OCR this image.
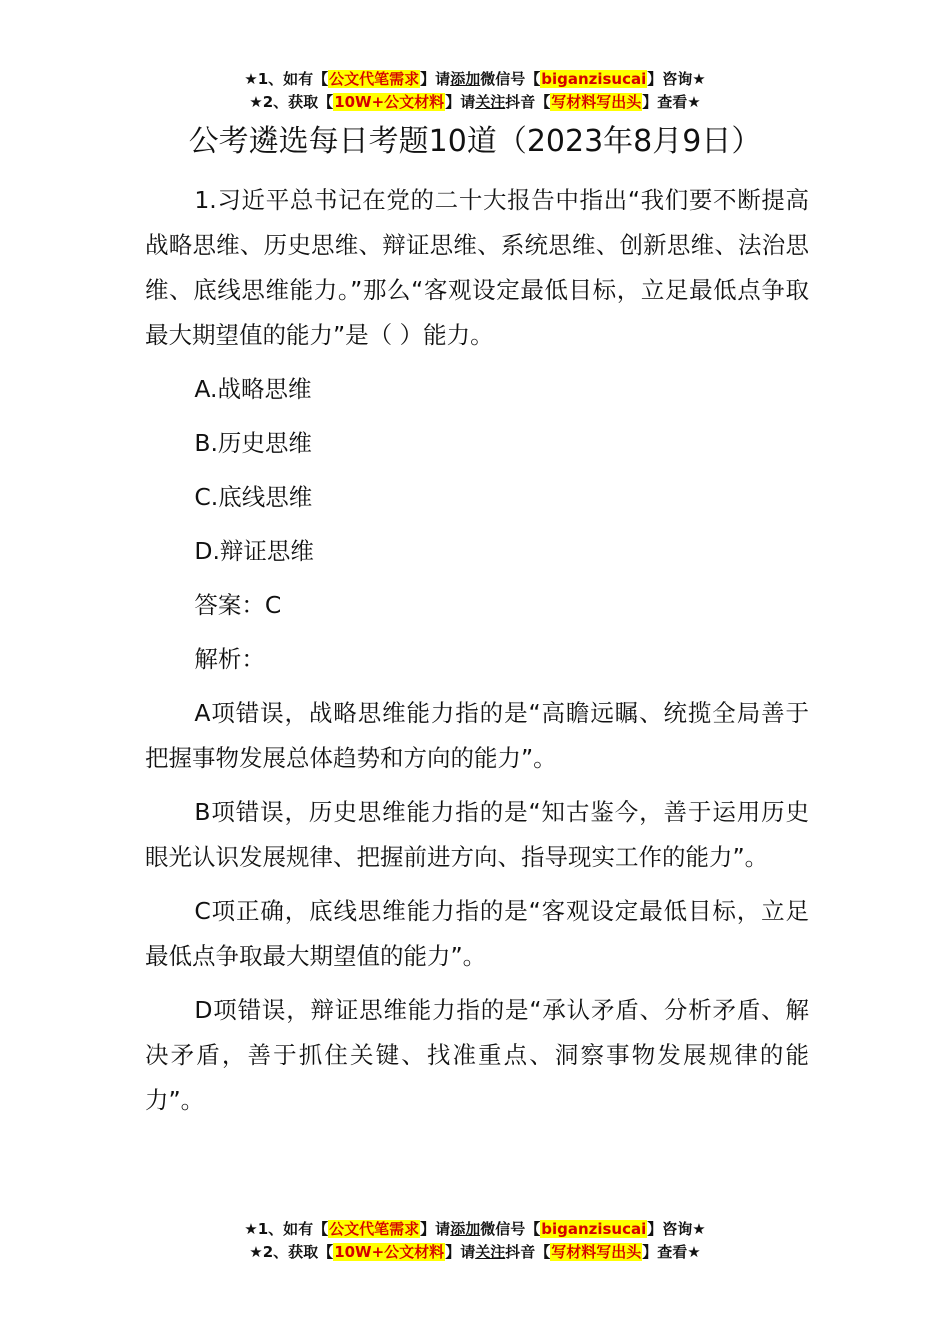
★1、如有【公文代笔需求】请添加微信号【biganzisucai】咨询★
★2、获取【10W+公文材料】请关注抖音【写材料写出头】查看★
公考遴选每日考题10道（2023年8月9日）

1.习近平总书记在党的二十大报告中指出“我们要不断提高战略思维、历史思维、辩证思维、系统思维、创新思维、法治思维、底线思维能力。”那么“客观设定最低目标，立足最低点争取最大期望值的能力”是（ ）能力。

A.战略思维

B.历史思维

C.底线思维

D.辩证思维

答案：C

解析：

A项错误，战略思维能力指的是“高瞻远瞩、统揽全局善于把握事物发展总体趋势和方向的能力”。

B项错误，历史思维能力指的是“知古鉴今，善于运用历史眼光认识发展规律、把握前进方向、指导现实工作的能力”。

C项正确，底线思维能力指的是“客观设定最低目标，立足最低点争取最大期望值的能力”。

D项错误，辩证思维能力指的是“承认矛盾、分析矛盾、解决矛盾，善于抓住关键、找准重点、洞察事物发展规律的能力”。

★1、如有【公文代笔需求】请添加微信号【biganzisucai】咨询★
★2、获取【10W+公文材料】请关注抖音【写材料写出头】查看★
